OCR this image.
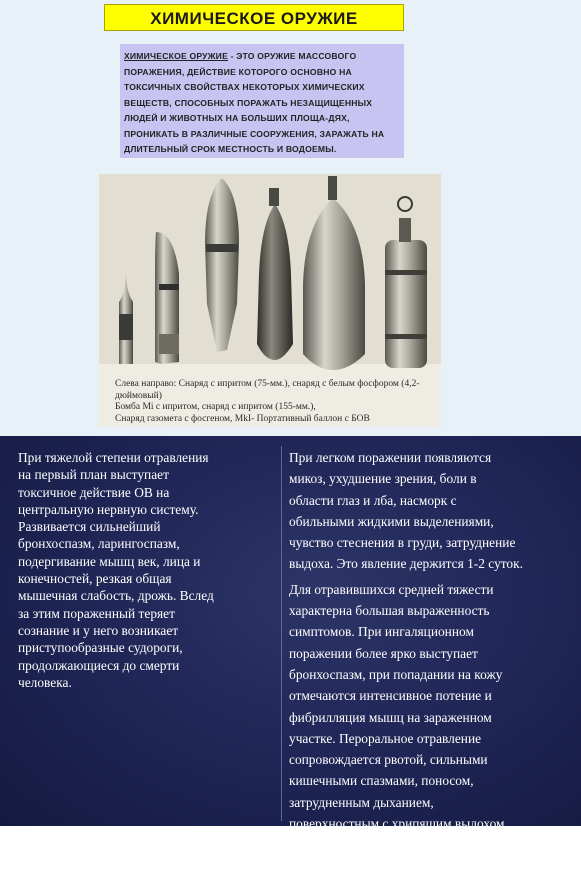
ХИМИЧЕСКОЕ ОРУЖИЕ

ХИМИЧЕСКОЕ ОРУЖИЕ - ЭТО ОРУЖИЕ МАССОВОГО

ПОРАЖЕНИЯ, ДЕЙСТВИЕ КОТОРОГО ОСНОВНО НА

ТОКСИЧНЫХ СВОЙСТВАХ НЕКОТОРЫХ ХИМИЧЕСКИХ

ВЕЩЕСТВ, СПОСОБНЫХ ПОРАЖАТЬ НЕЗАЩИЩЕННЫХ

ЛЮДЕЙ И ЖИВОТНЫХ НА БОЛЬШИХ ПЛОЩА-ДЯХ,

ПРОНИКАТЬ В РАЗЛИЧНЫЕ СООРУЖЕНИЯ, ЗАРАЖАТЬ НА

ДЛИТЕЛЬНЫЙ СРОК МЕСТНОСТЬ И ВОДОЕМЫ.

Слева направо: Снаряд с ипритом (75-мм.), снаряд с белым фосфором (4,2-
дюймовый)
Бомба Mi с ипритом, снаряд с ипритом (155-мм.),
Снаряд газомета с фосгеном, MkI- Портативный баллон с БОВ

При тяжелой степени отравления

на первый план выступает

токсичное действие ОВ на

центральную нервную систему.

Развивается сильнейший

бронхоспазм, ларингоспазм,

подергивание мышц век, лица и

конечностей, резкая общая

мышечная слабость, дрожь. Вслед

за этим пораженный теряет

сознание и у него возникает

приступообразные судороги,

продолжающиеся до смерти

человека.

При легком поражении появляются

микоз, ухудшение зрения, боли в

области глаз и лба, насморк с

обильными жидкими выделениями,

чувство стеснения в груди, затруднение

выдоха. Это явление держится 1-2 суток.

Для отравившихся средней тяжести

характерна большая выраженность

симптомов. При ингаляционном

поражении более ярко выступает

бронхоспазм, при попадании на кожу

отмечаются интенсивное потение и

фибрилляция мышц на зараженном

участке. Пероральное отравление

сопровождается рвотой, сильными

кишечными спазмами, поносом,

затрудненным дыханием,

поверхностным с хрипящим выдохом.

Симптом отравления проходит не

раньше чем 4-5 дней.
